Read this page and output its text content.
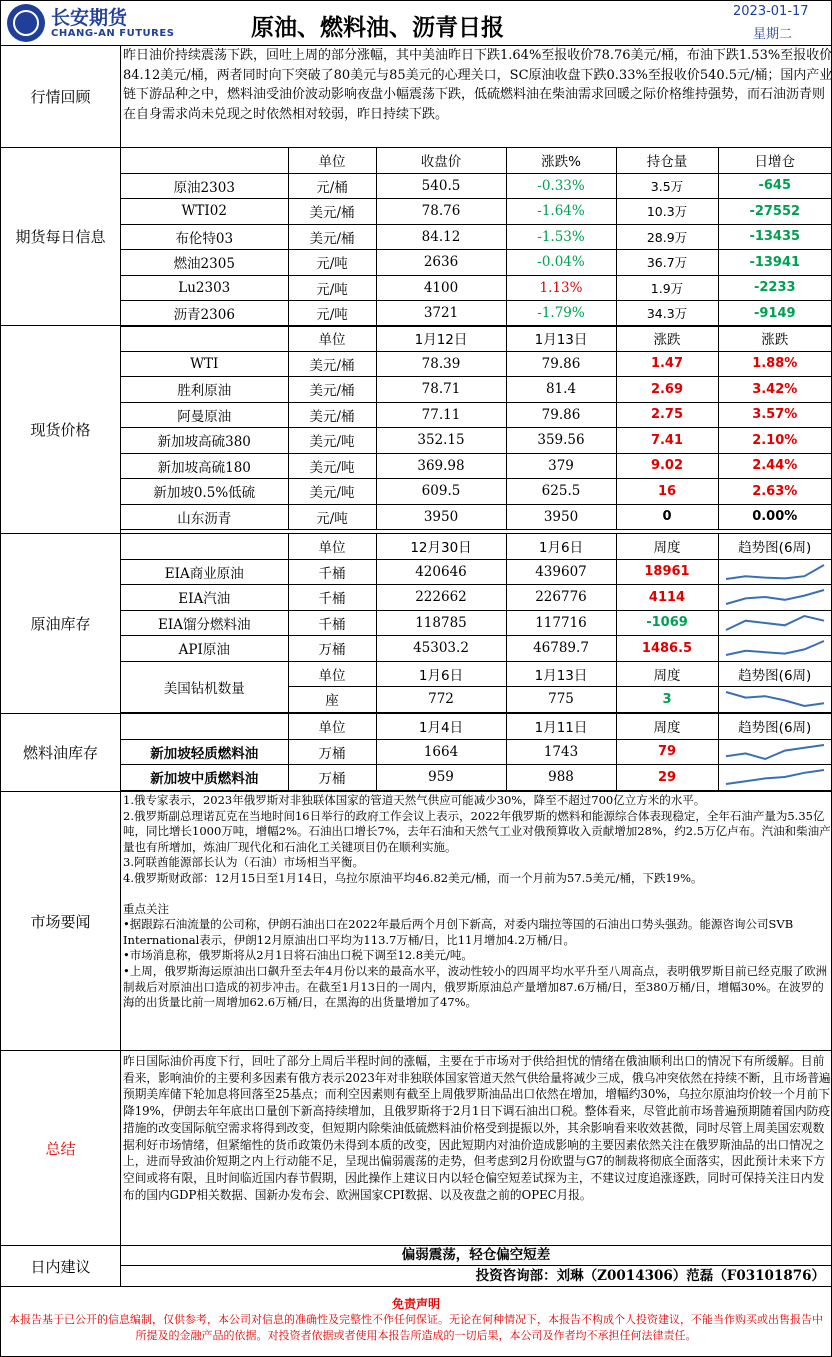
长安期货
CHANG-AN FUTURES	原油、燃料油、沥青日报
2023-01-17
星期二
行情回顾
昨日油价持续震荡下跌，回吐上周的部分涨幅，其中美油昨日下跌1.64%至报收价78.76美元/桶，布油下跌1.53%至报收价84.12美元/桶，两者同时向下突破了80美元与85美元的心理关口，SC原油收盘下跌0.33%至报收价540.5元/桶；国内产业链下游品种之中，燃料油受油价波动影响夜盘小幅震荡下跌，低硫燃料油在柴油需求回暖之际价格维持强势，而石油沥青则在自身需求尚未兑现之时依然相对较弱，昨日持续下跌。
期货每日信息
	单位	收盘价	涨跌%	持仓量	日增仓
原油2303	元/桶	540.5	-0.33%	3.5万	-645
WTI02	美元/桶	78.76	-1.64%	10.3万	-27552
布伦特03	美元/桶	84.12	-1.53%	28.9万	-13435
燃油2305	元/吨	2636	-0.04%	36.7万	-13941
Lu2303	元/吨	4100	1.13%	1.9万	-2233
沥青2306	元/吨	3721	-1.79%	34.3万	-9149
现货价格
	单位	1月12日	1月13日	涨跌	涨跌
WTI	美元/桶	78.39	79.86	1.47	1.88%
胜利原油	美元/桶	78.71	81.4	2.69	3.42%
阿曼原油	美元/桶	77.11	79.86	2.75	3.57%
新加坡高硫380	美元/吨	352.15	359.56	7.41	2.10%
新加坡高硫180	美元/吨	369.98	379	9.02	2.44%
新加坡0.5%低硫	美元/吨	609.5	625.5	16	2.63%
山东沥青	元/吨	3950	3950	0	0.00%
原油库存
	单位	12月30日	1月6日	周度	趋势图(6周)
EIA商业原油	千桶	420646	439607	18961	

EIA汽油	千桶	222662	226776	4114	

EIA馏分燃料油	千桶	118785	117716	-1069	

API原油	万桶	45303.2	46789.7	1486.5	

美国钻机数量	单位	1月6日	1月13日	周度	趋势图(6周)
	座	772	775	3	
燃料油库存
	单位	1月4日	1月11日	周度	趋势图(6周)
新加坡轻质燃料油	万桶	1664	1743	79	

新加坡中质燃料油	万桶	959	988	29	
市场要闻
1.俄专家表示，2023年俄罗斯对非独联体国家的管道天然气供应可能减少30%，降至不超过700亿立方米的水平。
2.俄罗斯副总理诺瓦克在当地时间16日举行的政府工作会议上表示，2022年俄罗斯的燃料和能源综合体表现稳定，全年石油产量为5.35亿吨，同比增长1000万吨，增幅2%。石油出口增长7%，去年石油和天然气工业对俄预算收入贡献增加28%，约2.5万亿卢布。汽油和柴油产量也有所增加，炼油厂现代化和石油化工关键项目仍在顺利实施。
3.阿联酋能源部长认为（石油）市场相当平衡。
4.俄罗斯财政部：12月15日至1月14日，乌拉尔原油平均46.82美元/桶，而一个月前为57.5美元/桶，下跌19%。
重点关注
•据跟踪石油流量的公司称，伊朗石油出口在2022年最后两个月创下新高，对委内瑞拉等国的石油出口势头强劲。能源咨询公司SVB International表示，伊朗12月原油出口平均为113.7万桶/日，比11月增加4.2万桶/日。
•市场消息称，俄罗斯将从2月1日将石油出口税下调至12.8美元/吨。
•上周，俄罗斯海运原油出口飙升至去年4月份以来的最高水平，波动性较小的四周平均水平升至八周高点，表明俄罗斯目前已经克服了欧洲制裁后对原油出口造成的初步冲击。在截至1月13日的一周内，俄罗斯原油总产量增加87.6万桶/日，至380万桶/日，增幅30%。在波罗的海的出货量比前一周增加62.6万桶/日，在黑海的出货量增加了47%。
总结
昨日国际油价再度下行，回吐了部分上周后半程时间的涨幅，主要在于市场对于供给担忧的情绪在俄油顺利出口的情况下有所缓解。目前看来，影响油价的主要利多因素有俄方表示2023年对非独联体国家管道天然气供给量将减少三成，俄乌冲突依然在持续不断，且市场普遍预期美库储下轮加息将回落至25基点；而利空因素则有截至上周俄罗斯油品出口依然在增加，增幅约30%，乌拉尔原油均价较一个月前下降19%，伊朗去年年底出口量创下新高持续增加，且俄罗斯将于2月1日下调石油出口税。整体看来，尽管此前市场普遍预期随着国内防疫措施的改变国际航空需求将得到改变，但短期内除柴油低硫燃料油价格受到提振以外，其余影响看来收效甚微，同时尽管上周美国宏观数据利好市场情绪，但紧缩性的货币政策仍未得到本质的改变，因此短期内对油价造成影响的主要因素依然关注在俄罗斯油品的出口情况之上，进而导致油价短期之内上行动能不足，呈现出偏弱震荡的走势，但考虑到2月份欧盟与G7的制裁将彻底全面落实，因此预计未来下方空间或将有限，且时间临近国内春节假期，因此操作上建议日内以轻仓偏空短差试探为主，不建议过度追涨逐跌，同时可保持关注日内发布的国内GDP相关数据、国新办发布会、欧洲国家CPI数据、以及夜盘之前的OPEC月报。
日内建议
偏弱震荡，轻仓偏空短差
投资咨询部：刘琳（Z0014306）范磊（F03101876）
免责声明
本报告基于已公开的信息编制，仅供参考，本公司对信息的准确性及完整性不作任何保证。无论在何种情况下，本报告不构成个人投资建议，不能当作购买或出售报告中所提及的金融产品的依据。对投资者依据或者使用本报告所造成的一切后果，本公司及作者均不承担任何法律责任。
